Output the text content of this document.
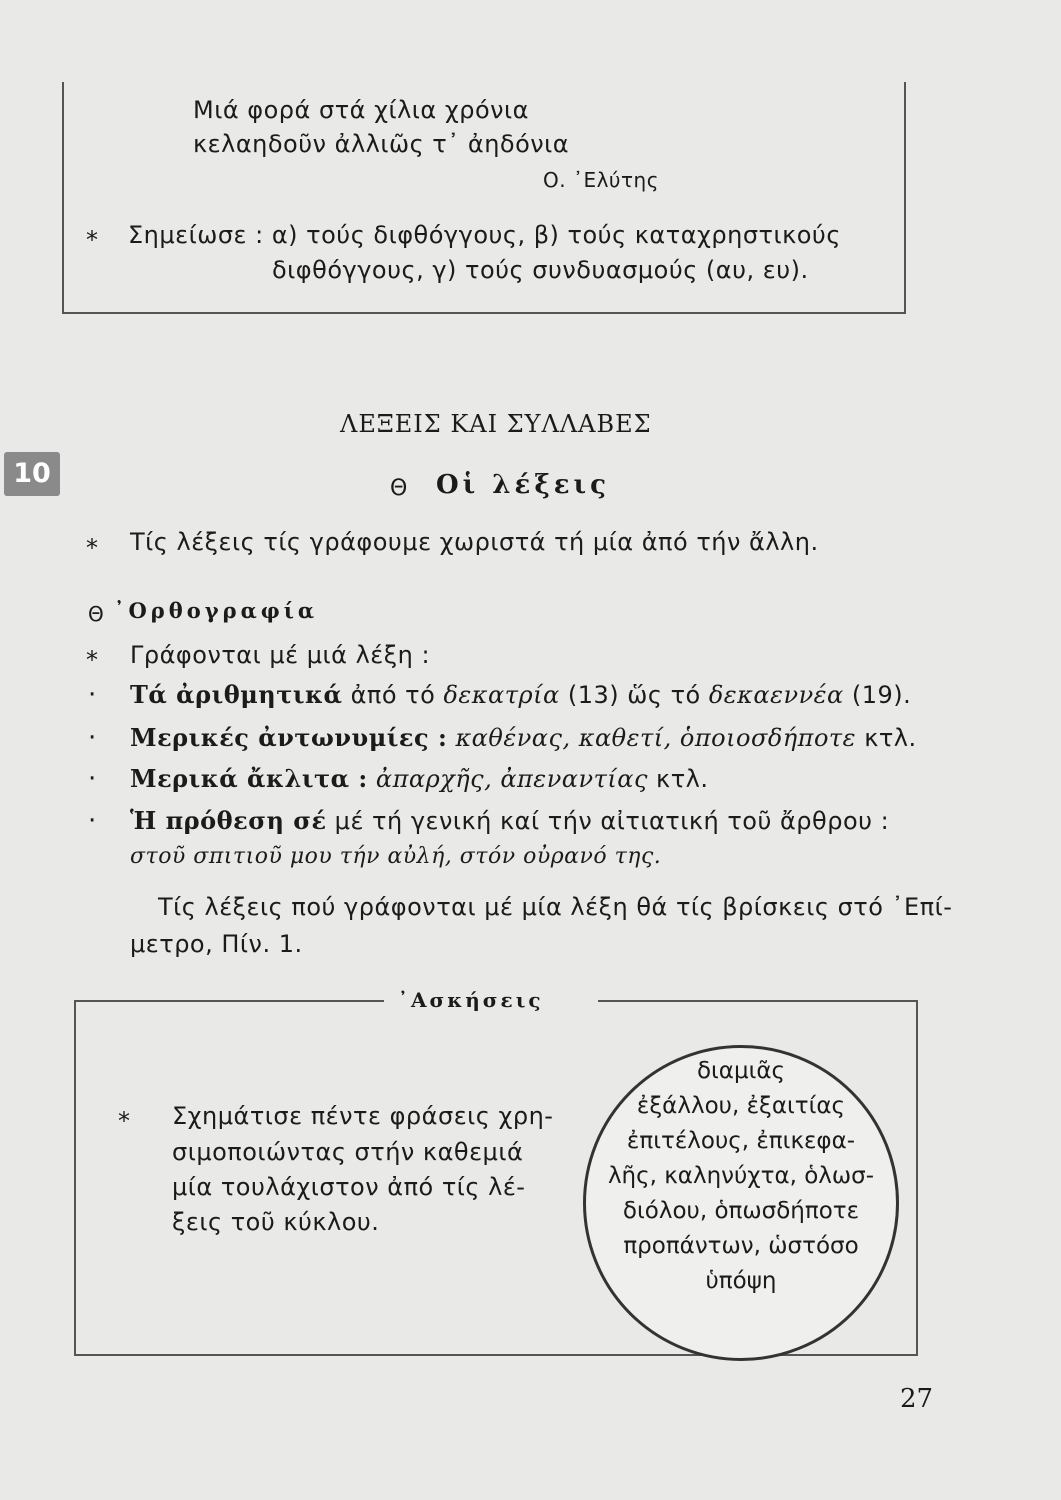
Μιά φορά στά χίλια χρόνια
κελαηδοῦν ἀλλιῶς τ᾿ ἀηδόνια
Ο. ᾿Ελύτης
* Σημείωσε : α) τούς διφθόγγους, β) τούς καταχρηστικούς
διφθόγγους, γ) τούς συνδυασμούς (αυ, ευ).
10
ΛΕΞΕΙΣ ΚΑΙ ΣΥΛΛΑΒΕΣ
Θ Οἱ λέξεις
* Τίς λέξεις τίς γράφουμε χωριστά τή μία ἀπό τήν ἄλλη.
Θ ᾿Ορθογραφία
* Γράφονται μέ μιά λέξη :
· Τά ἀριθμητικά ἀπό τό δεκατρία (13) ὥς τό δεκαεννέα (19).
· Μερικές ἀντωνυμίες : καθένας, καθετί, ὁποιοσδήποτε κτλ.
· Μερικά ἄκλιτα : ἀπαρχῆς, ἀπεναντίας κτλ.
· Ἡ πρόθεση σέ μέ τή γενική καί τήν αἰτιατική τοῦ ἄρθρου :
στοῦ σπιτιοῦ μου τήν αὐλή, στόν οὐρανό της.
Τίς λέξεις πού γράφονται μέ μία λέξη θά τίς βρίσκεις στό ᾿Επί-
μετρο, Πίν. 1.
᾿Ασκήσεις
* Σχημάτισε πέντε φράσεις χρη-
σιμοποιώντας στήν καθεμιά
μία τουλάχιστον ἀπό τίς λέ-
ξεις τοῦ κύκλου.
διαμιᾶς
ἐξάλλου, ἐξαιτίας
ἐπιτέλους, ἐπικεφα-
λῆς, καληνύχτα, ὁλωσ-
διόλου, ὁπωσδήποτε
προπάντων, ὡστόσο
ὑπόψη
27
